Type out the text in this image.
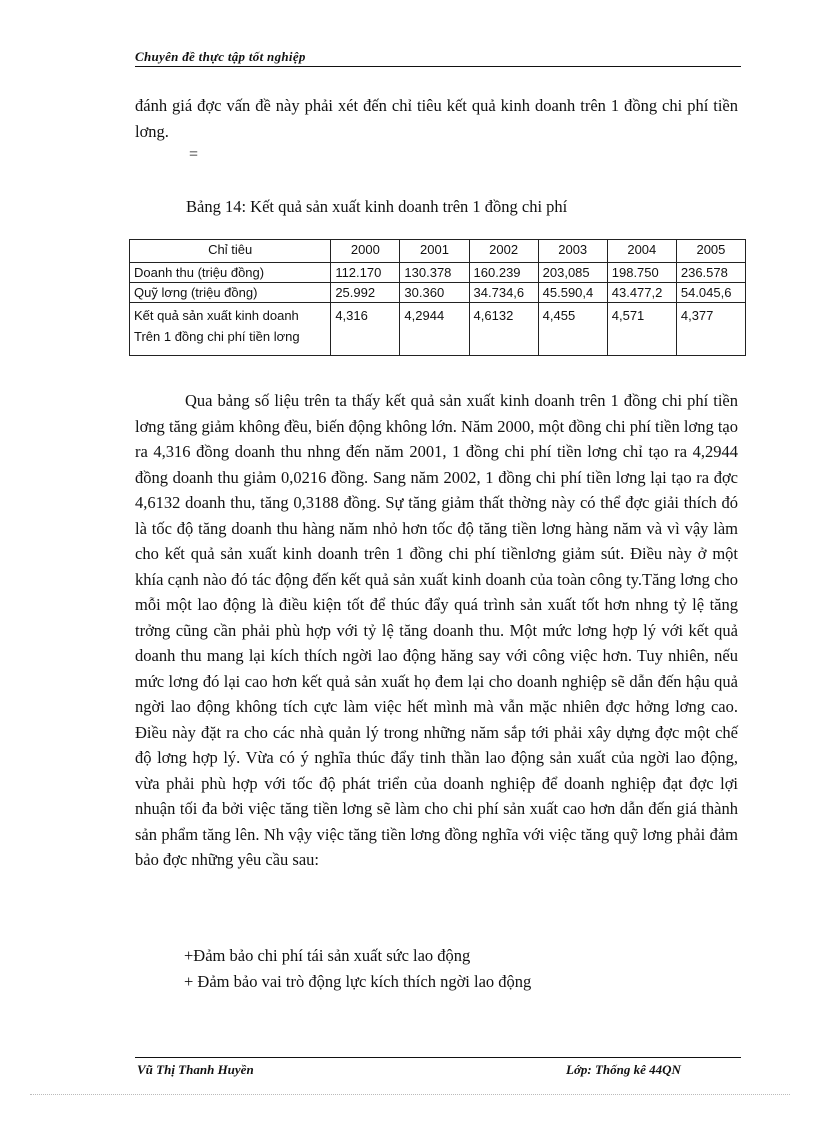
Chuyên đề thực tập tốt nghiệp
đánh giá đợc vấn đề này phải xét đến chỉ tiêu kết quả kinh doanh trên 1 đồng chi phí tiền lơng.
=
Bảng 14: Kết quả sản xuất kinh doanh trên 1 đồng chi phí
Chỉ tiêu	2000	2001	2002	2003	2004	2005
Doanh thu (triệu đồng)	112.170	130.378	160.239	203,085	198.750	236.578
Quỹ lơng (triệu đồng)	25.992	30.360	34.734,6	45.590,4	43.477,2	54.045,6
Kết quả sản xuất kinh doanh Trên 1 đồng chi phí tiền lơng	4,316	4,2944	4,6132	4,455	4,571	4,377
Qua bảng số liệu trên ta thấy kết quả sản xuất kinh doanh trên 1 đồng chi phí tiền lơng tăng giảm không đều, biến động không lớn. Năm 2000, một đồng chi phí tiền lơng tạo ra 4,316 đồng doanh thu nhng đến năm 2001, 1 đồng chi phí tiền lơng chỉ tạo ra 4,2944 đồng doanh thu giảm 0,0216 đồng. Sang năm 2002, 1 đồng chi phí tiền lơng lại tạo ra đợc 4,6132 doanh thu, tăng 0,3188 đồng. Sự tăng giảm thất thờng này có thể đợc giải thích đó là tốc độ tăng doanh thu hàng năm nhỏ hơn tốc độ tăng tiền lơng hàng năm và vì vậy làm cho kết quả sản xuất kinh doanh trên 1 đồng chi phí tiềnlơng giảm sút. Điều này ở một khía cạnh nào đó tác động đến kết quả sản xuất kinh doanh của toàn công ty.Tăng lơng cho mỗi một lao động là điều kiện tốt để thúc đẩy quá trình sản xuất tốt hơn nhng tỷ lệ tăng trởng cũng cần phải phù hợp với tỷ lệ tăng doanh thu. Một mức lơng hợp lý với kết quả doanh thu mang lại kích thích ngời lao động hăng say với công việc hơn. Tuy nhiên, nếu mức lơng đó lại cao hơn kết quả sản xuất họ đem lại cho doanh nghiệp sẽ dẫn đến hậu quả ngời lao động không tích cực làm việc hết mình mà vẫn mặc nhiên đợc hởng lơng cao. Điều này đặt ra cho các nhà quản lý trong những năm sắp tới phải xây dựng đợc một chế độ lơng hợp lý. Vừa có ý nghĩa thúc đẩy tinh thần lao động sản xuất của ngời lao động, vừa phải phù hợp với tốc độ phát triển của doanh nghiệp để doanh nghiệp đạt đợc lợi nhuận tối đa bởi việc tăng tiền lơng sẽ làm cho chi phí sản xuất cao hơn dẫn đến giá thành sản phẩm tăng lên. Nh vậy việc tăng tiền lơng đồng nghĩa với việc tăng quỹ lơng phải đảm bảo đợc những yêu cầu sau:
+Đảm bảo chi phí tái sản xuất sức lao động
+ Đảm bảo vai trò động lực kích thích ngời lao động
Vũ Thị Thanh Huyền	Lớp: Thống kê 44QN
